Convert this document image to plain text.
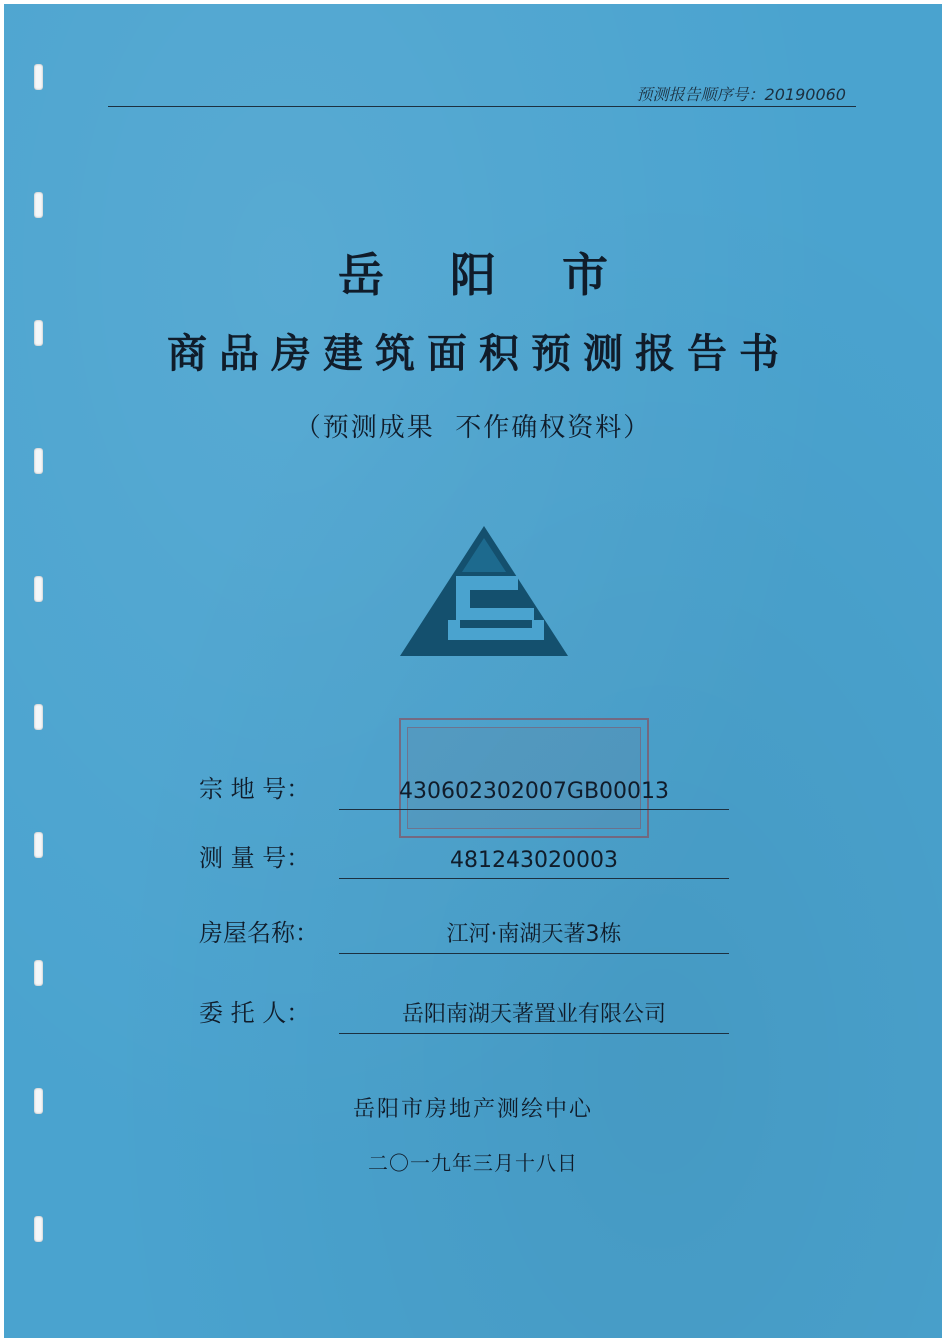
预测报告顺序号：20190060
岳阳市
商品房建筑面积预测报告书
（预测成果  不作确权资料）
宗 地 号：	430602302007GB00013
测 量 号：	481243020003
房屋名称：	江河·南湖天著3栋
委 托 人：	岳阳南湖天著置业有限公司
岳阳市房地产测绘中心
二〇一九年三月十八日
